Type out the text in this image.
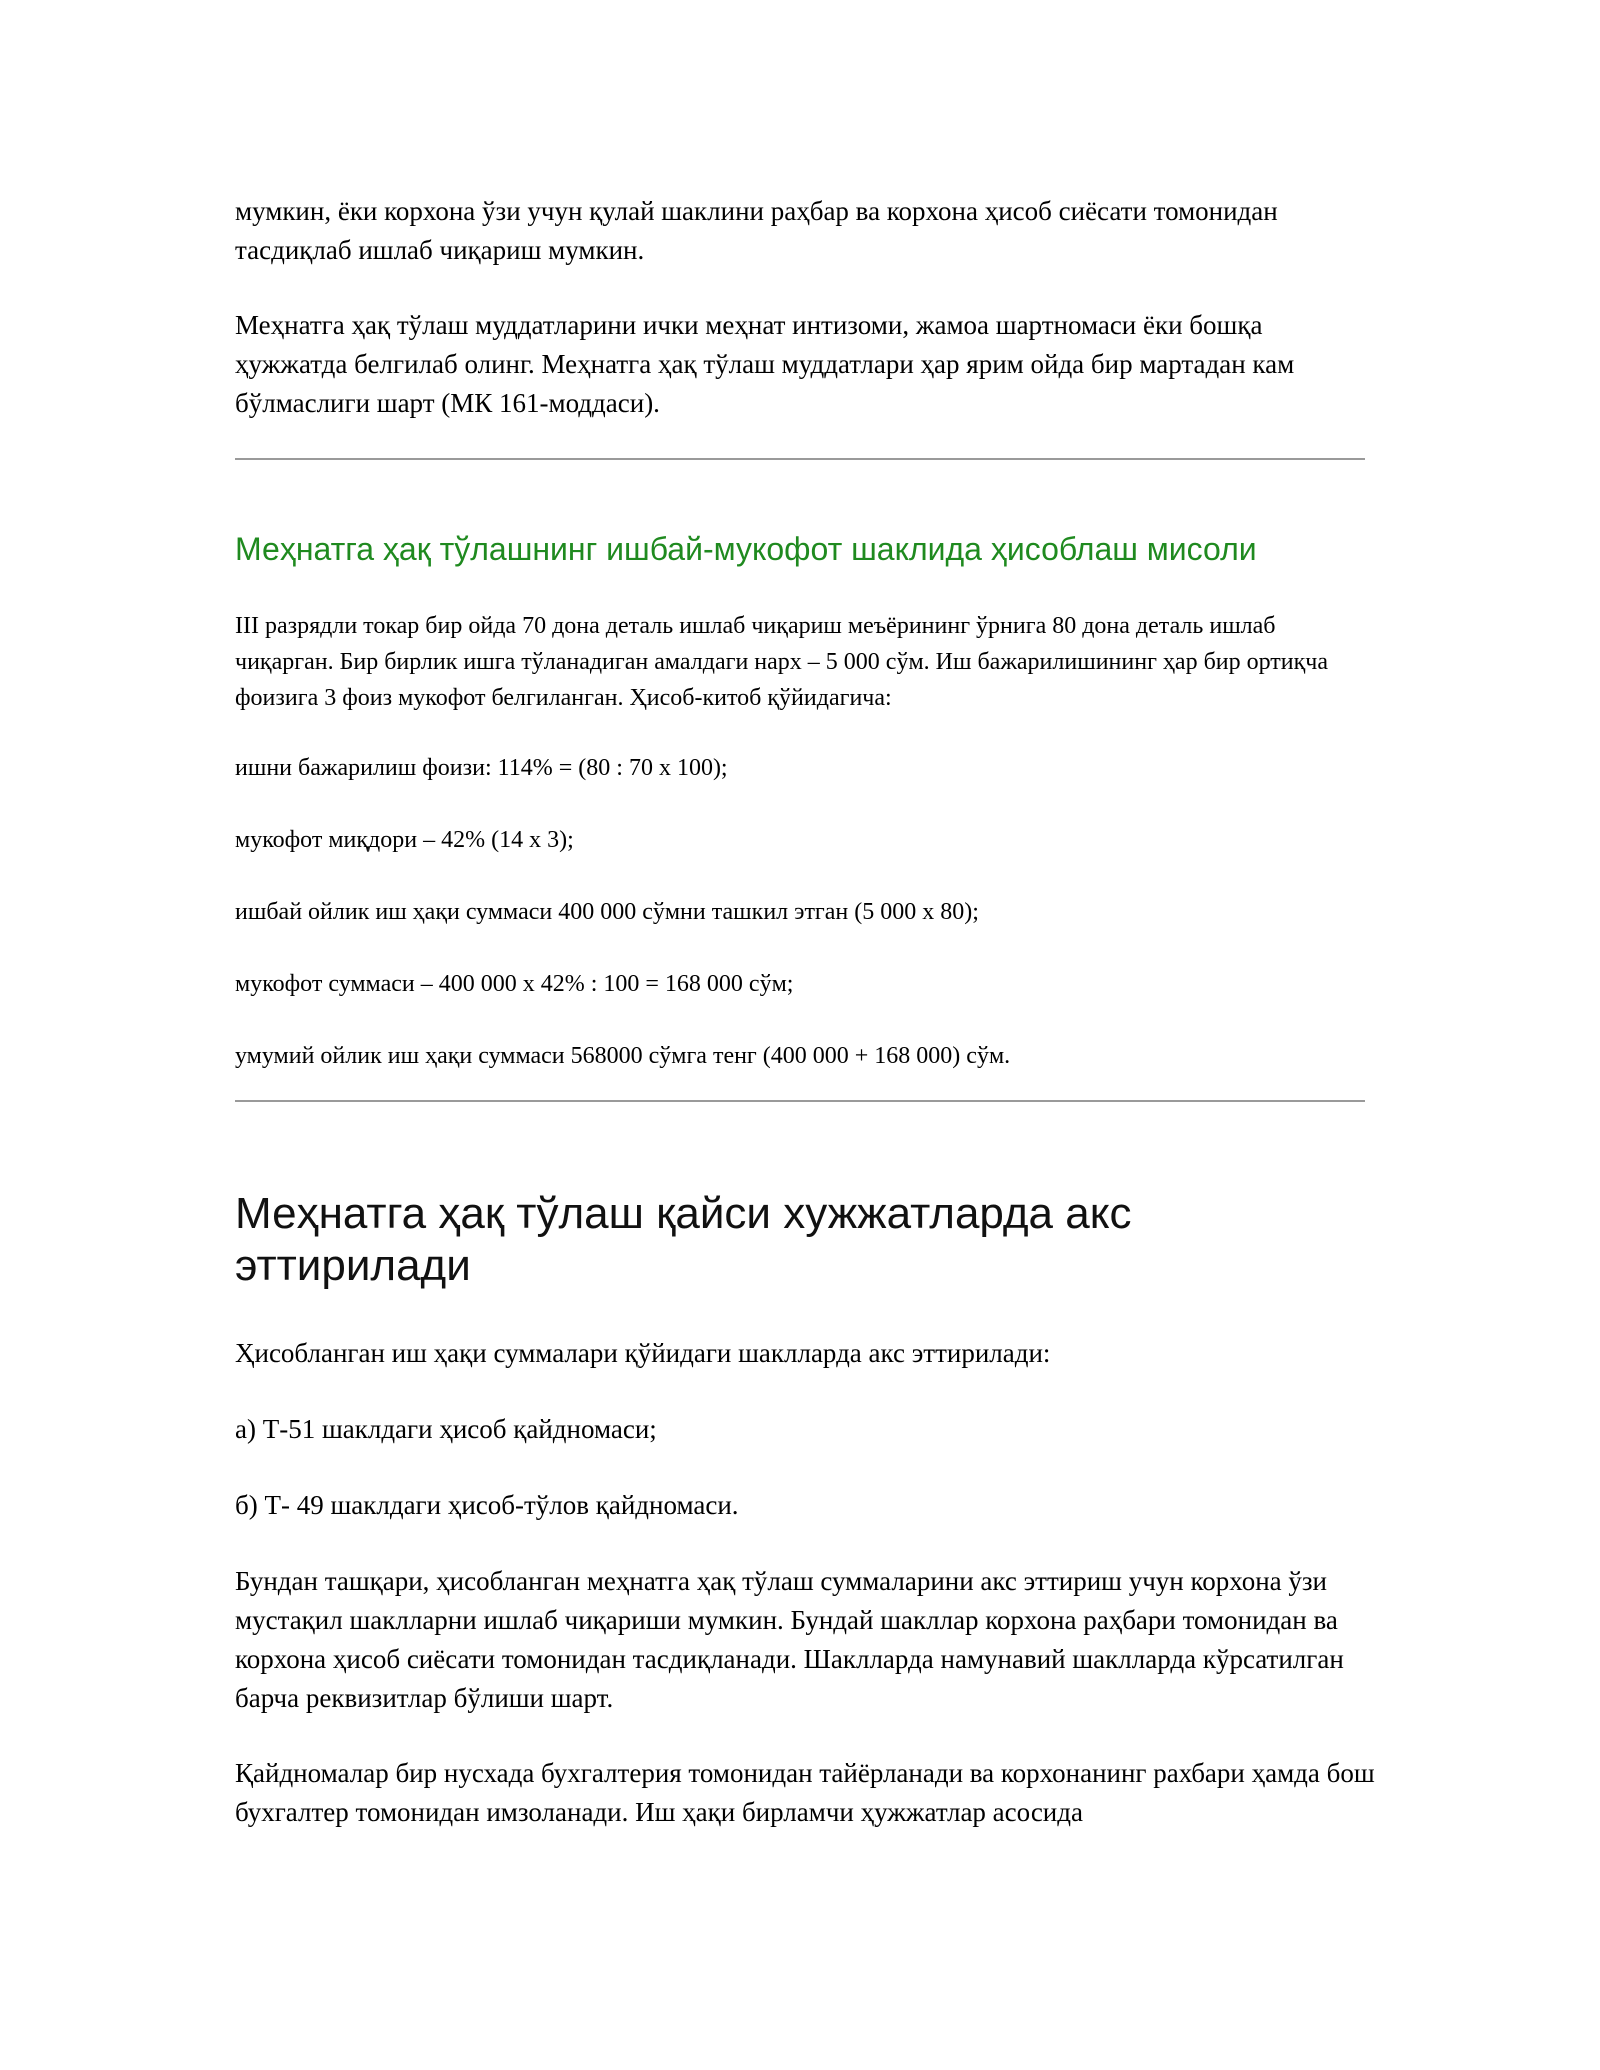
мумкин, ёки корхона ўзи учун қулай шаклини раҳбар ва корхона ҳисоб сиёсати томонидан тасдиқлаб ишлаб чиқариш мумкин.

Меҳнатга ҳақ тўлаш муддатларини ички меҳнат интизоми, жамоа шартномаси ёки бошқа ҳужжатда белгилаб олинг. Меҳнатга ҳақ тўлаш муддатлари ҳар ярим ойда бир мартадан кам бўлмаслиги шарт (МК 161-моддаси).

Меҳнатга ҳақ тўлашнинг ишбай-мукофот шаклида ҳисоблаш мисоли

III разрядли токар бир ойда 70 дона деталь ишлаб чиқариш меъёрининг ўрнига 80 дона деталь ишлаб чиқарган. Бир бирлик ишга тўланадиган амалдаги нарх – 5 000 сўм. Иш бажарилишининг ҳар бир ортиқча фоизига 3 фоиз мукофот белгиланган. Ҳисоб-китоб қўйидагича:

ишни бажарилиш фоизи: 114% = (80 : 70 x 100);

мукофот миқдори – 42% (14 x 3);

ишбай ойлик иш ҳақи суммаси 400 000 сўмни ташкил этган (5 000 x 80);

мукофот суммаси – 400 000 x 42% : 100 = 168 000 сўм;

умумий ойлик иш ҳақи суммаси 568000 сўмга тенг (400 000 + 168 000) сўм.

Меҳнатга ҳақ тўлаш қайси хужжатларда акс эттирилади

Ҳисобланган иш ҳақи суммалари қўйидаги шаклларда акс эттирилади:

а) Т-51 шаклдаги ҳисоб қайдномаси;

б) Т- 49 шаклдаги ҳисоб-тўлов қайдномаси.

Бундан ташқари, ҳисобланган меҳнатга ҳақ тўлаш суммаларини акс эттириш учун корхона ўзи мустақил шаклларни ишлаб чиқариши мумкин. Бундай шакллар корхона раҳбари томонидан ва корхона ҳисоб сиёсати томонидан тасдиқланади. Шаклларда намунавий шаклларда кўрсатилган барча реквизитлар бўлиши шарт.

Қайдномалар бир нусхада бухгалтерия томонидан тайёрланади ва корхонанинг рахбари ҳамда бош бухгалтер томонидан имзоланади. Иш ҳақи бирламчи ҳужжатлар асосида
